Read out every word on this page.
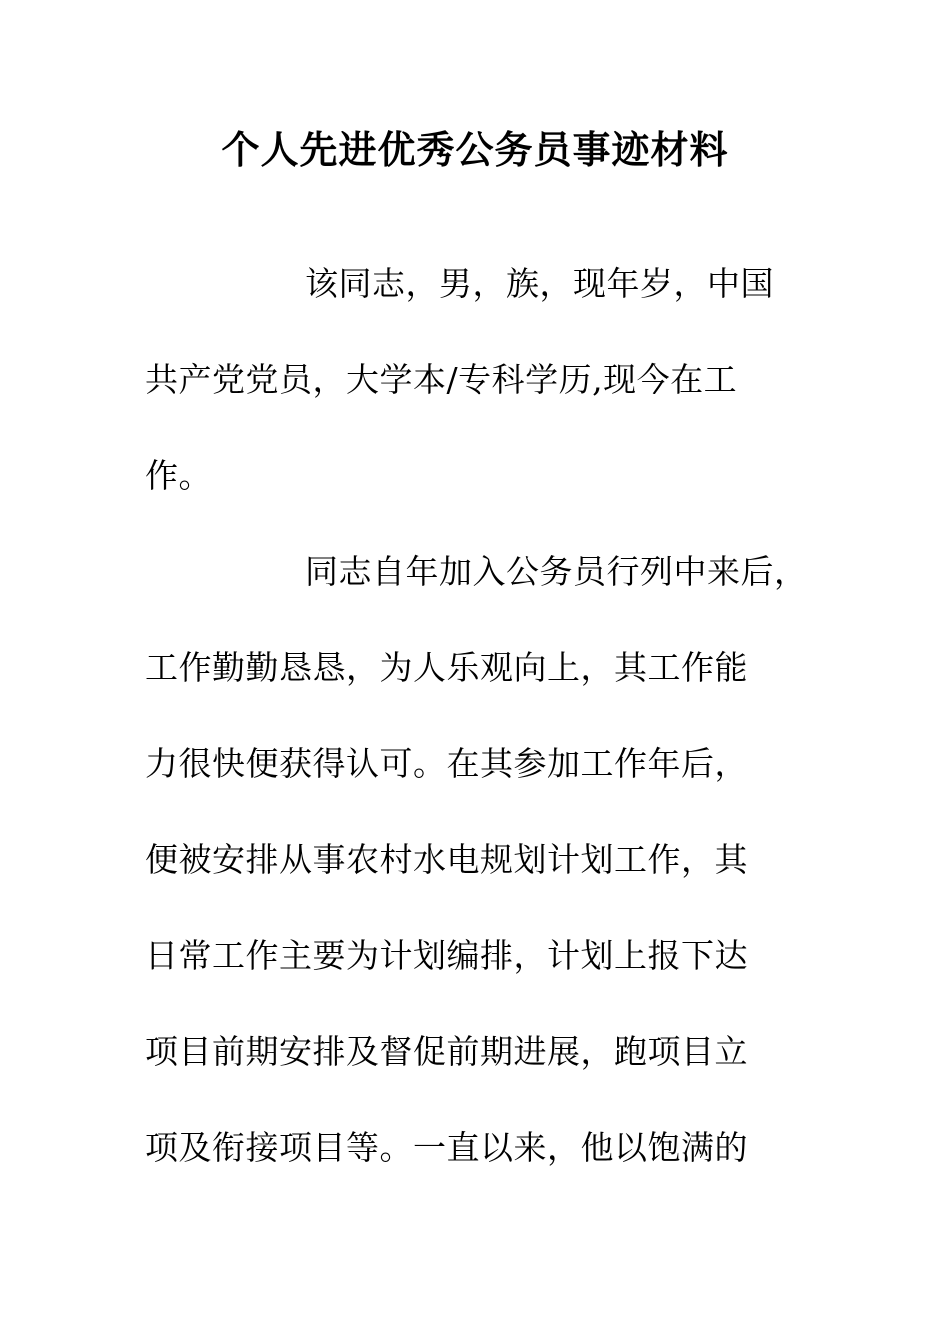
个人先进优秀公务员事迹材料
该同志，男，族，现年岁，中国
共产党党员，大学本/专科学历,现今在工
作。
同志自年加入公务员行列中来后，
工作勤勤恳恳，为人乐观向上，其工作能
力很快便获得认可。在其参加工作年后，
便被安排从事农村水电规划计划工作，其
日常工作主要为计划编排，计划上报下达
项目前期安排及督促前期进展，跑项目立
项及衔接项目等。一直以来，他以饱满的
